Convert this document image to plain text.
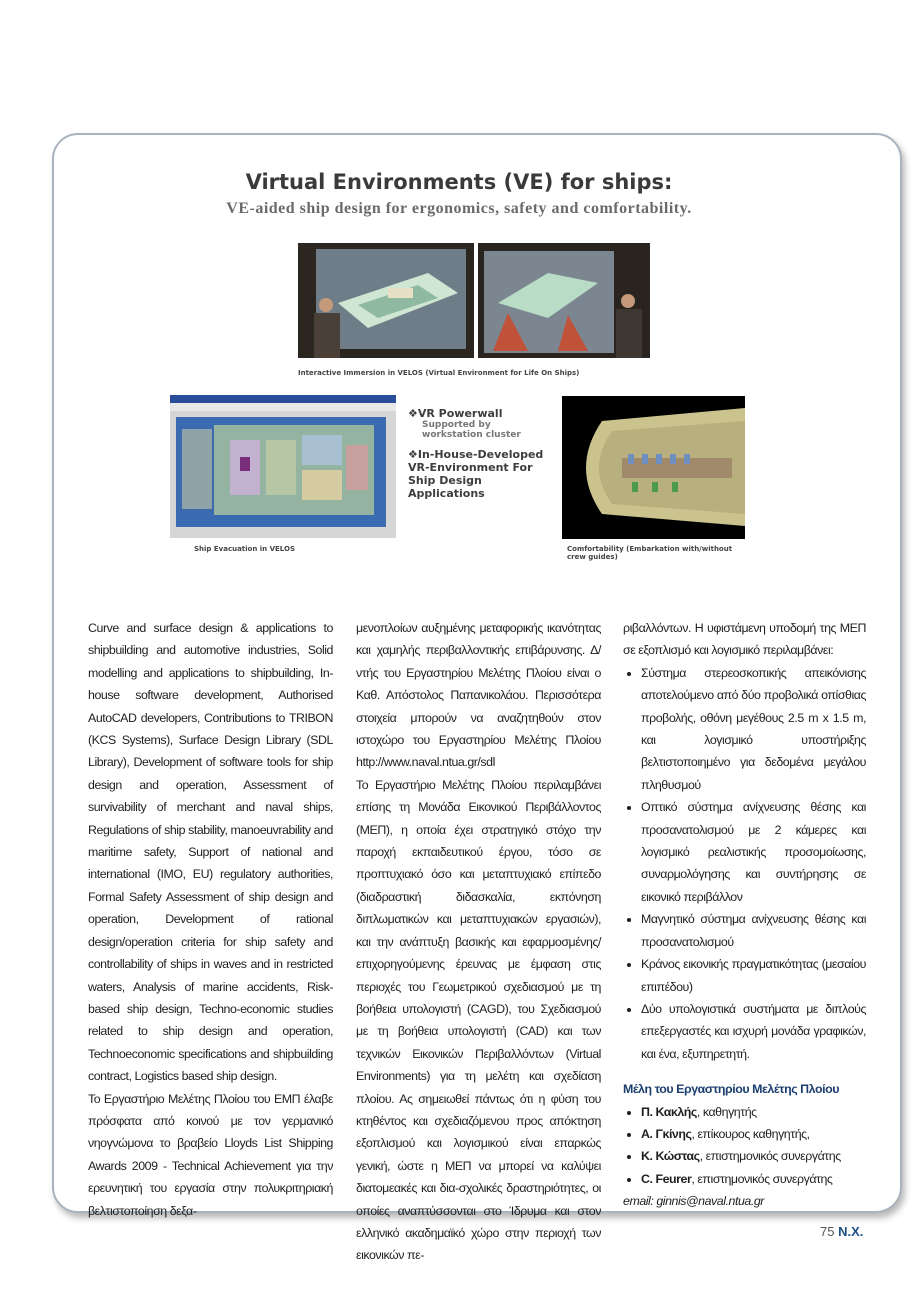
Virtual Environments (VE) for ships:
VE-aided ship design for ergonomics, safety and comfortability.
Interactive Immersion in VELOS (Virtual Environment for Life On Ships)
Ship Evacuation in VELOS
❖VR Powerwall
Supported by workstation cluster
❖In-House-Developed VR-Environment For Ship Design Applications
Comfortability (Embarkation with/without crew guides)

Curve and surface design & applications to shipbuilding and automotive industries, Solid modelling and applications to shipbuilding, In-house software development, Authorised AutoCAD developers, Contributions to TRIBON (KCS Systems), Surface Design Library (SDL Library), Development of software tools for ship design and operation, Assessment of survivability of merchant and naval ships, Regulations of ship stability, manoeuvrability and maritime safety, Support of national and international (IMO, EU) regulatory authorities, Formal Safety Assessment of ship design and operation, Development of rational design/operation criteria for ship safety and controllability of ships in waves and in restricted waters, Analysis of marine accidents, Risk-based ship design, Techno-economic studies related to ship design and operation, Technoeconomic specifications and shipbuilding contract, Logistics based ship design.

Το Εργαστήριο Μελέτης Πλοίου του ΕΜΠ έλαβε πρόσφατα από κοινού με τον γερμανικό νηογνώμονα το βραβείο Lloyds List Shipping Awards 2009 - Technical Achievement για την ερευνητική του εργασία στην πολυκριτηριακή βελτιστοποίηση δεξα-

μενοπλοίων αυξημένης μεταφορικής ικανότητας και χαμηλής περιβαλλοντικής επιβάρυνσης. Δ/ντής του Εργαστηρίου Μελέτης Πλοίου είναι ο Καθ. Απόστολος Παπανικολάου. Περισσότερα στοιχεία μπορούν να αναζητηθούν στον ιστοχώρο του Εργαστηρίου Μελέτης Πλοίου http://www.naval.ntua.gr/sdl

Το Εργαστήριο Μελέτης Πλοίου περιλαμβάνει επίσης τη Μονάδα Εικονικού Περιβάλλοντος (ΜΕΠ), η οποία έχει στρατηγικό στόχο την παροχή εκπαιδευτικού έργου, τόσο σε προπτυχιακό όσο και μεταπτυχιακό επίπεδο (διαδραστική διδασκαλία, εκπόνηση διπλωματικών και μεταπτυχιακών εργασιών), και την ανάπτυξη βασικής και εφαρμοσμένης/επιχορηγούμενης έρευνας με έμφαση στις περιοχές του Γεωμετρικού σχεδιασμού με τη βοήθεια υπολογιστή (CAGD), του Σχεδιασμού με τη βοήθεια υπολογιστή (CAD) και των τεχνικών Εικονικών Περιβαλλόντων (Virtual Environments) για τη μελέτη και σχεδίαση πλοίου. Ας σημειωθεί πάντως ότι η φύση του κτηθέντος και σχεδιαζόμενου προς απόκτηση εξοπλισμού και λογισμικού είναι επαρκώς γενική, ώστε η ΜΕΠ να μπορεί να καλύψει διατομεακές και δια-σχολικές δραστηριότητες, οι οποίες αναπτύσσονται στο Ίδρυμα και στον ελληνικό ακαδημαϊκό χώρο στην περιοχή των εικονικών πε-

ριβαλλόντων. Η υφιστάμενη υποδομή της ΜΕΠ σε εξοπλισμό και λογισμικό περιλαμβάνει:

• Σύστημα στερεοσκοπικής απεικόνισης αποτελούμενο από δύο προβολικά οπίσθιας προβολής, οθόνη μεγέθους 2.5 m x 1.5 m, και λογισμικό υποστήριξης βελτιστοποιημένο για δεδομένα μεγάλου πληθυσμού
• Οπτικό σύστημα ανίχνευσης θέσης και προσανατολισμού με 2 κάμερες και λογισμικό ρεαλιστικής προσομοίωσης, συναρμολόγησης και συντήρησης σε εικονικό περιβάλλον
• Μαγνητικό σύστημα ανίχνευσης θέσης και προσανατολισμού
• Κράνος εικονικής πραγματικότητας (μεσαίου επιπέδου)
• Δύο υπολογιστικά συστήματα με διπλούς επεξεργαστές και ισχυρή μονάδα γραφικών, και ένα, εξυπηρετητή.
Μέλη του Εργαστηρίου Μελέτης Πλοίου
• Π. Κακλής, καθηγητής
• Α. Γκίνης, επίκουρος καθηγητής,
• Κ. Κώστας, επιστημονικός συνεργάτης
• C. Feurer, επιστημονικός συνεργάτης
email: ginnis@naval.ntua.gr
75 N.X.
